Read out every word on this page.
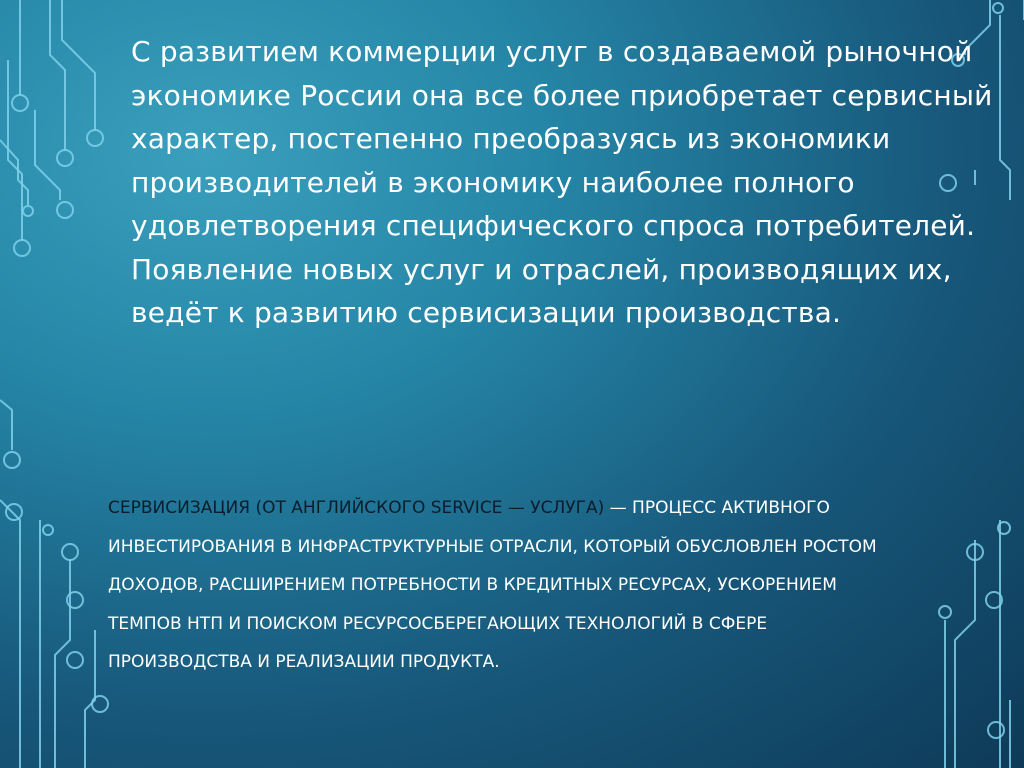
С развитием коммерции услуг в создаваемой рыночной экономике России она все более приобретает сервисный характер, постепенно преобразуясь из экономики производителей в экономику наиболее полного удовлетворения специфического спроса потребителей. Появление новых услуг и отраслей, производящих их, ведёт к развитию сервисизации производства.

СЕРВИСИЗАЦИЯ (ОТ АНГЛИЙСКОГО SERVICE — УСЛУГА) — ПРОЦЕСС АКТИВНОГО ИНВЕСТИРОВАНИЯ В ИНФРАСТРУКТУРНЫЕ ОТРАСЛИ, КОТОРЫЙ ОБУСЛОВЛЕН РОСТОМ ДОХОДОВ, РАСШИРЕНИЕМ ПОТРЕБНОСТИ В КРЕДИТНЫХ РЕСУРСАХ, УСКОРЕНИЕМ ТЕМПОВ НТП И ПОИСКОМ РЕСУРСОСБЕРЕГАЮЩИХ ТЕХНОЛОГИЙ В СФЕРЕ ПРОИЗВОДСТВА И РЕАЛИЗАЦИИ ПРОДУКТА.
